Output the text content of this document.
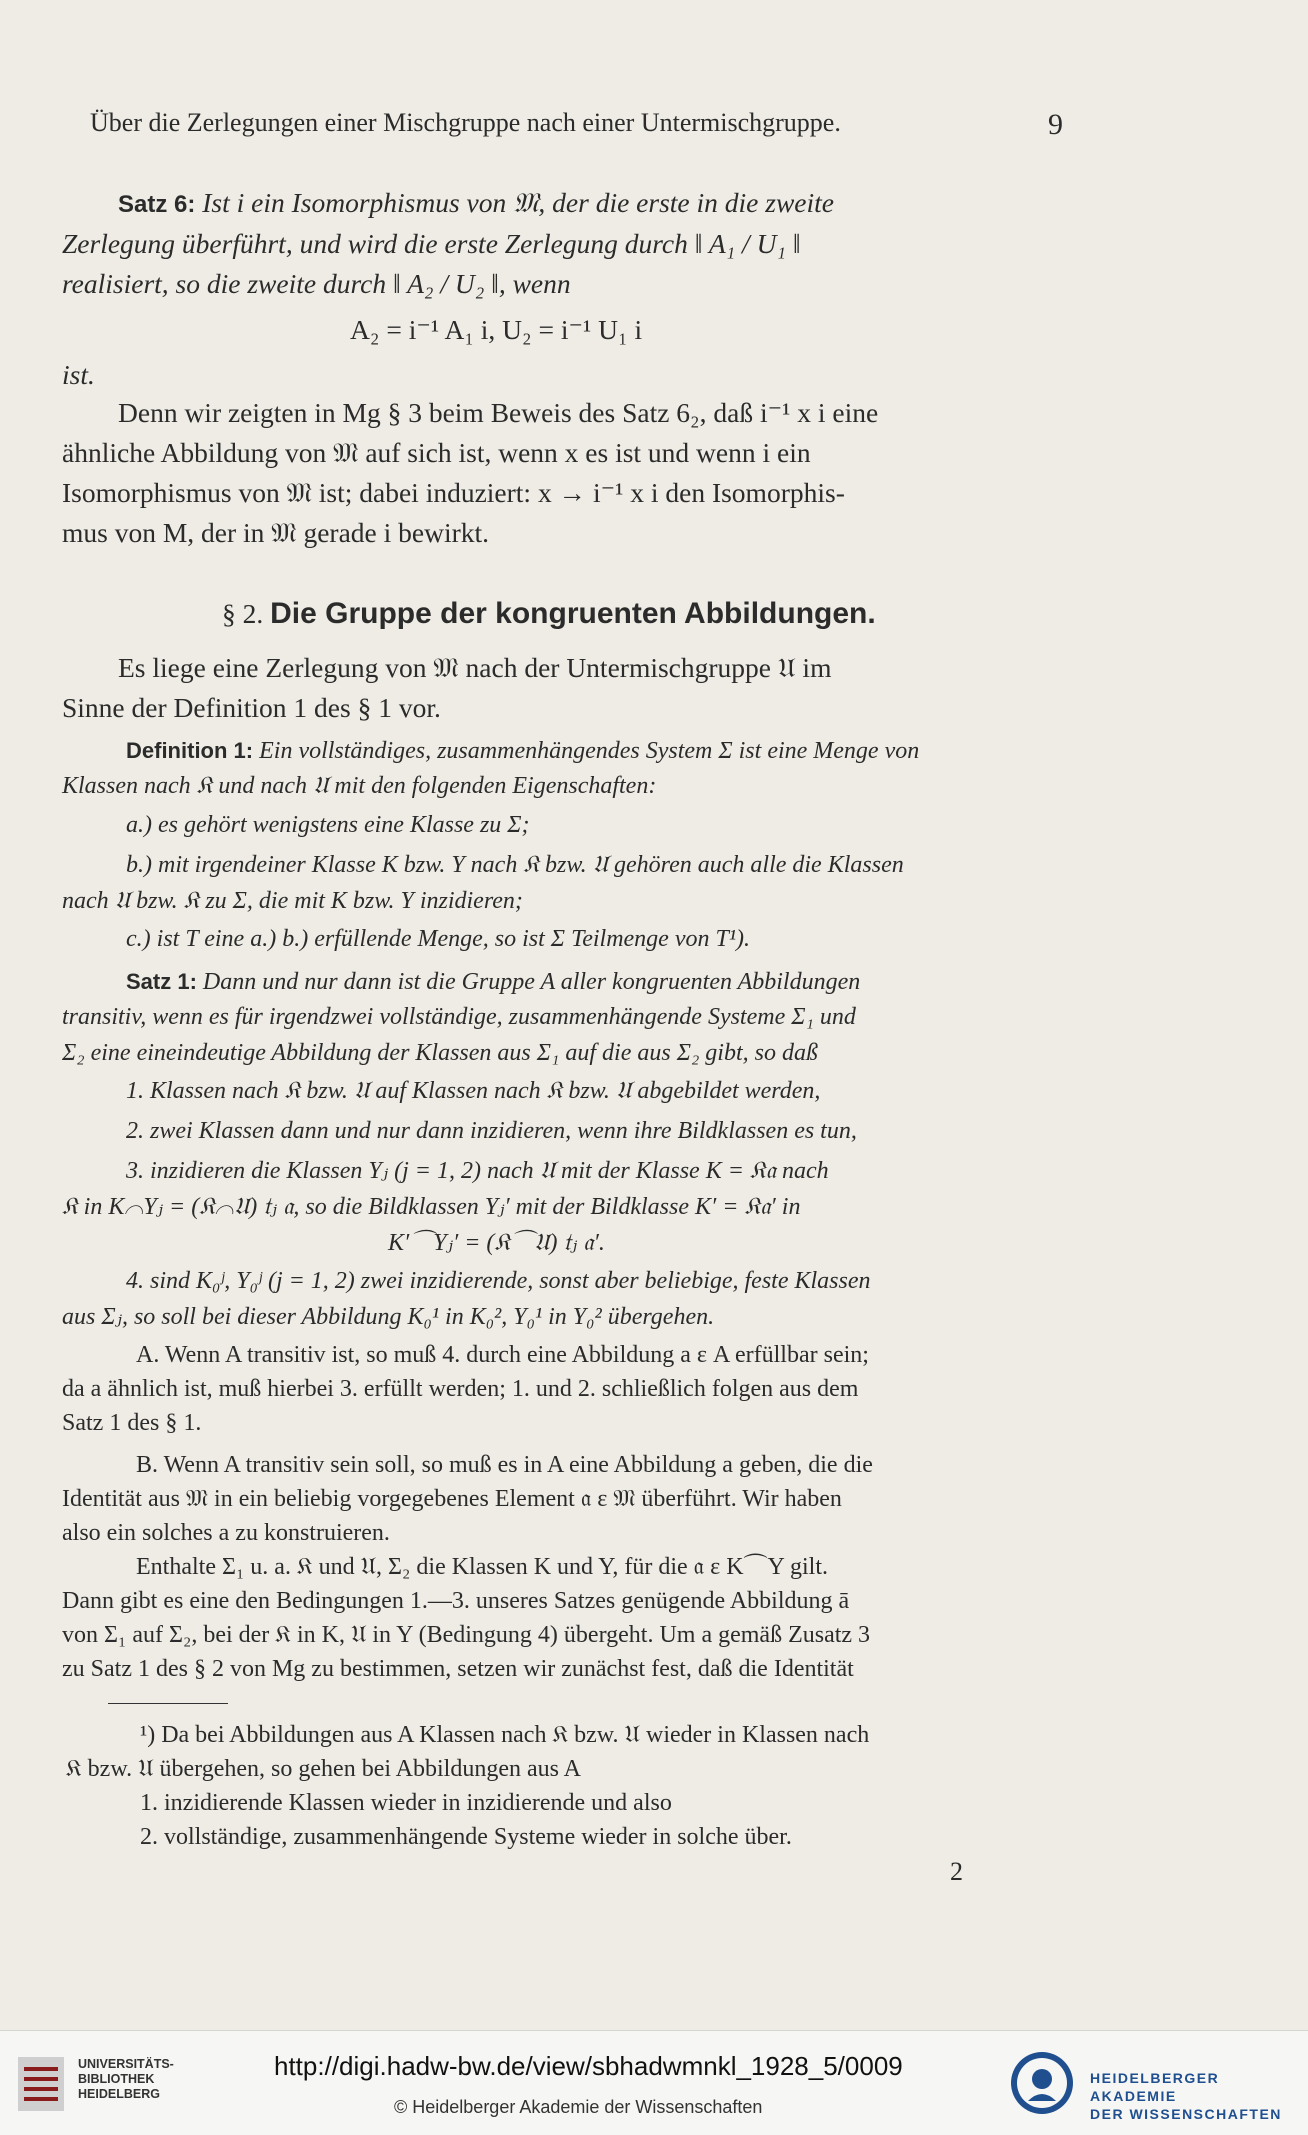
Über die Zerlegungen einer Mischgruppe nach einer Untermischgruppe.	9
Satz 6: Ist i ein Isomorphismus von 𝔐, der die erste in die zweite
Zerlegung überführt, und wird die erste Zerlegung durch ‖ A₁ / U₁ ‖
realisiert, so die zweite durch ‖ A₂ / U₂ ‖, wenn
A₂ = i⁻¹ A₁ i, U₂ = i⁻¹ U₁ i
ist.
Denn wir zeigten in Mg § 3 beim Beweis des Satz 6₂, daß i⁻¹ x i eine
ähnliche Abbildung von 𝔐 auf sich ist, wenn x es ist und wenn i ein
Isomorphismus von 𝔐 ist; dabei induziert: x → i⁻¹ x i den Isomorphis-
mus von M, der in 𝔐 gerade i bewirkt.
§ 2. Die Gruppe der kongruenten Abbildungen.
Es liege eine Zerlegung von 𝔐 nach der Untermischgruppe 𝔘 im
Sinne der Definition 1 des § 1 vor.
Definition 1: Ein vollständiges, zusammenhängendes System Σ ist eine Menge von
Klassen nach 𝔎 und nach 𝔘 mit den folgenden Eigenschaften:
a.) es gehört wenigstens eine Klasse zu Σ;
b.) mit irgendeiner Klasse K bzw. Y nach 𝔎 bzw. 𝔘 gehören auch alle die Klassen
nach 𝔘 bzw. 𝔎 zu Σ, die mit K bzw. Y inzidieren;
c.) ist T eine a.) b.) erfüllende Menge, so ist Σ Teilmenge von T¹).
Satz 1: Dann und nur dann ist die Gruppe A aller kongruenten Abbildungen
transitiv, wenn es für irgendzwei vollständige, zusammenhängende Systeme Σ₁ und
Σ₂ eine eineindeutige Abbildung der Klassen aus Σ₁ auf die aus Σ₂ gibt, so daß
1. Klassen nach 𝔎 bzw. 𝔘 auf Klassen nach 𝔎 bzw. 𝔘 abgebildet werden,
2. zwei Klassen dann und nur dann inzidieren, wenn ihre Bildklassen es tun,
3. inzidieren die Klassen Yⱼ (j = 1, 2) nach 𝔘 mit der Klasse K = 𝔎𝔞 nach
𝔎 in K⌒Yⱼ = (𝔎⌒𝔘) 𝔱ⱼ 𝔞, so die Bildklassen Yⱼ′ mit der Bildklasse K′ = 𝔎𝔞′ in
K′⌒Yⱼ′ = (𝔎⌒𝔘) 𝔱ⱼ 𝔞′.
4. sind K₀ʲ, Y₀ʲ (j = 1, 2) zwei inzidierende, sonst aber beliebige, feste Klassen
aus Σⱼ, so soll bei dieser Abbildung K₀¹ in K₀², Y₀¹ in Y₀² übergehen.
A. Wenn A transitiv ist, so muß 4. durch eine Abbildung a ε A erfüllbar sein;
da a ähnlich ist, muß hierbei 3. erfüllt werden; 1. und 2. schließlich folgen aus dem
Satz 1 des § 1.
B. Wenn A transitiv sein soll, so muß es in A eine Abbildung a geben, die die
Identität aus 𝔐 in ein beliebig vorgegebenes Element 𝔞 ε 𝔐 überführt. Wir haben
also ein solches a zu konstruieren.
Enthalte Σ₁ u. a. 𝔎 und 𝔘, Σ₂ die Klassen K und Y, für die 𝔞 ε K⌒Y gilt.
Dann gibt es eine den Bedingungen 1.—3. unseres Satzes genügende Abbildung ā
von Σ₁ auf Σ₂, bei der 𝔎 in K, 𝔘 in Y (Bedingung 4) übergeht. Um a gemäß Zusatz 3
zu Satz 1 des § 2 von Mg zu bestimmen, setzen wir zunächst fest, daß die Identität
¹) Da bei Abbildungen aus A Klassen nach 𝔎 bzw. 𝔘 wieder in Klassen nach
𝔎 bzw. 𝔘 übergehen, so gehen bei Abbildungen aus A
1. inzidierende Klassen wieder in inzidierende und also
2. vollständige, zusammenhängende Systeme wieder in solche über.
2
UNIVERSITÄTS-
BIBLIOTHEK
HEIDELBERG
http://digi.hadw-bw.de/view/sbhadwmnkl_1928_5/0009
© Heidelberger Akademie der Wissenschaften
HEIDELBERGER AKADEMIE
DER WISSENSCHAFTEN
